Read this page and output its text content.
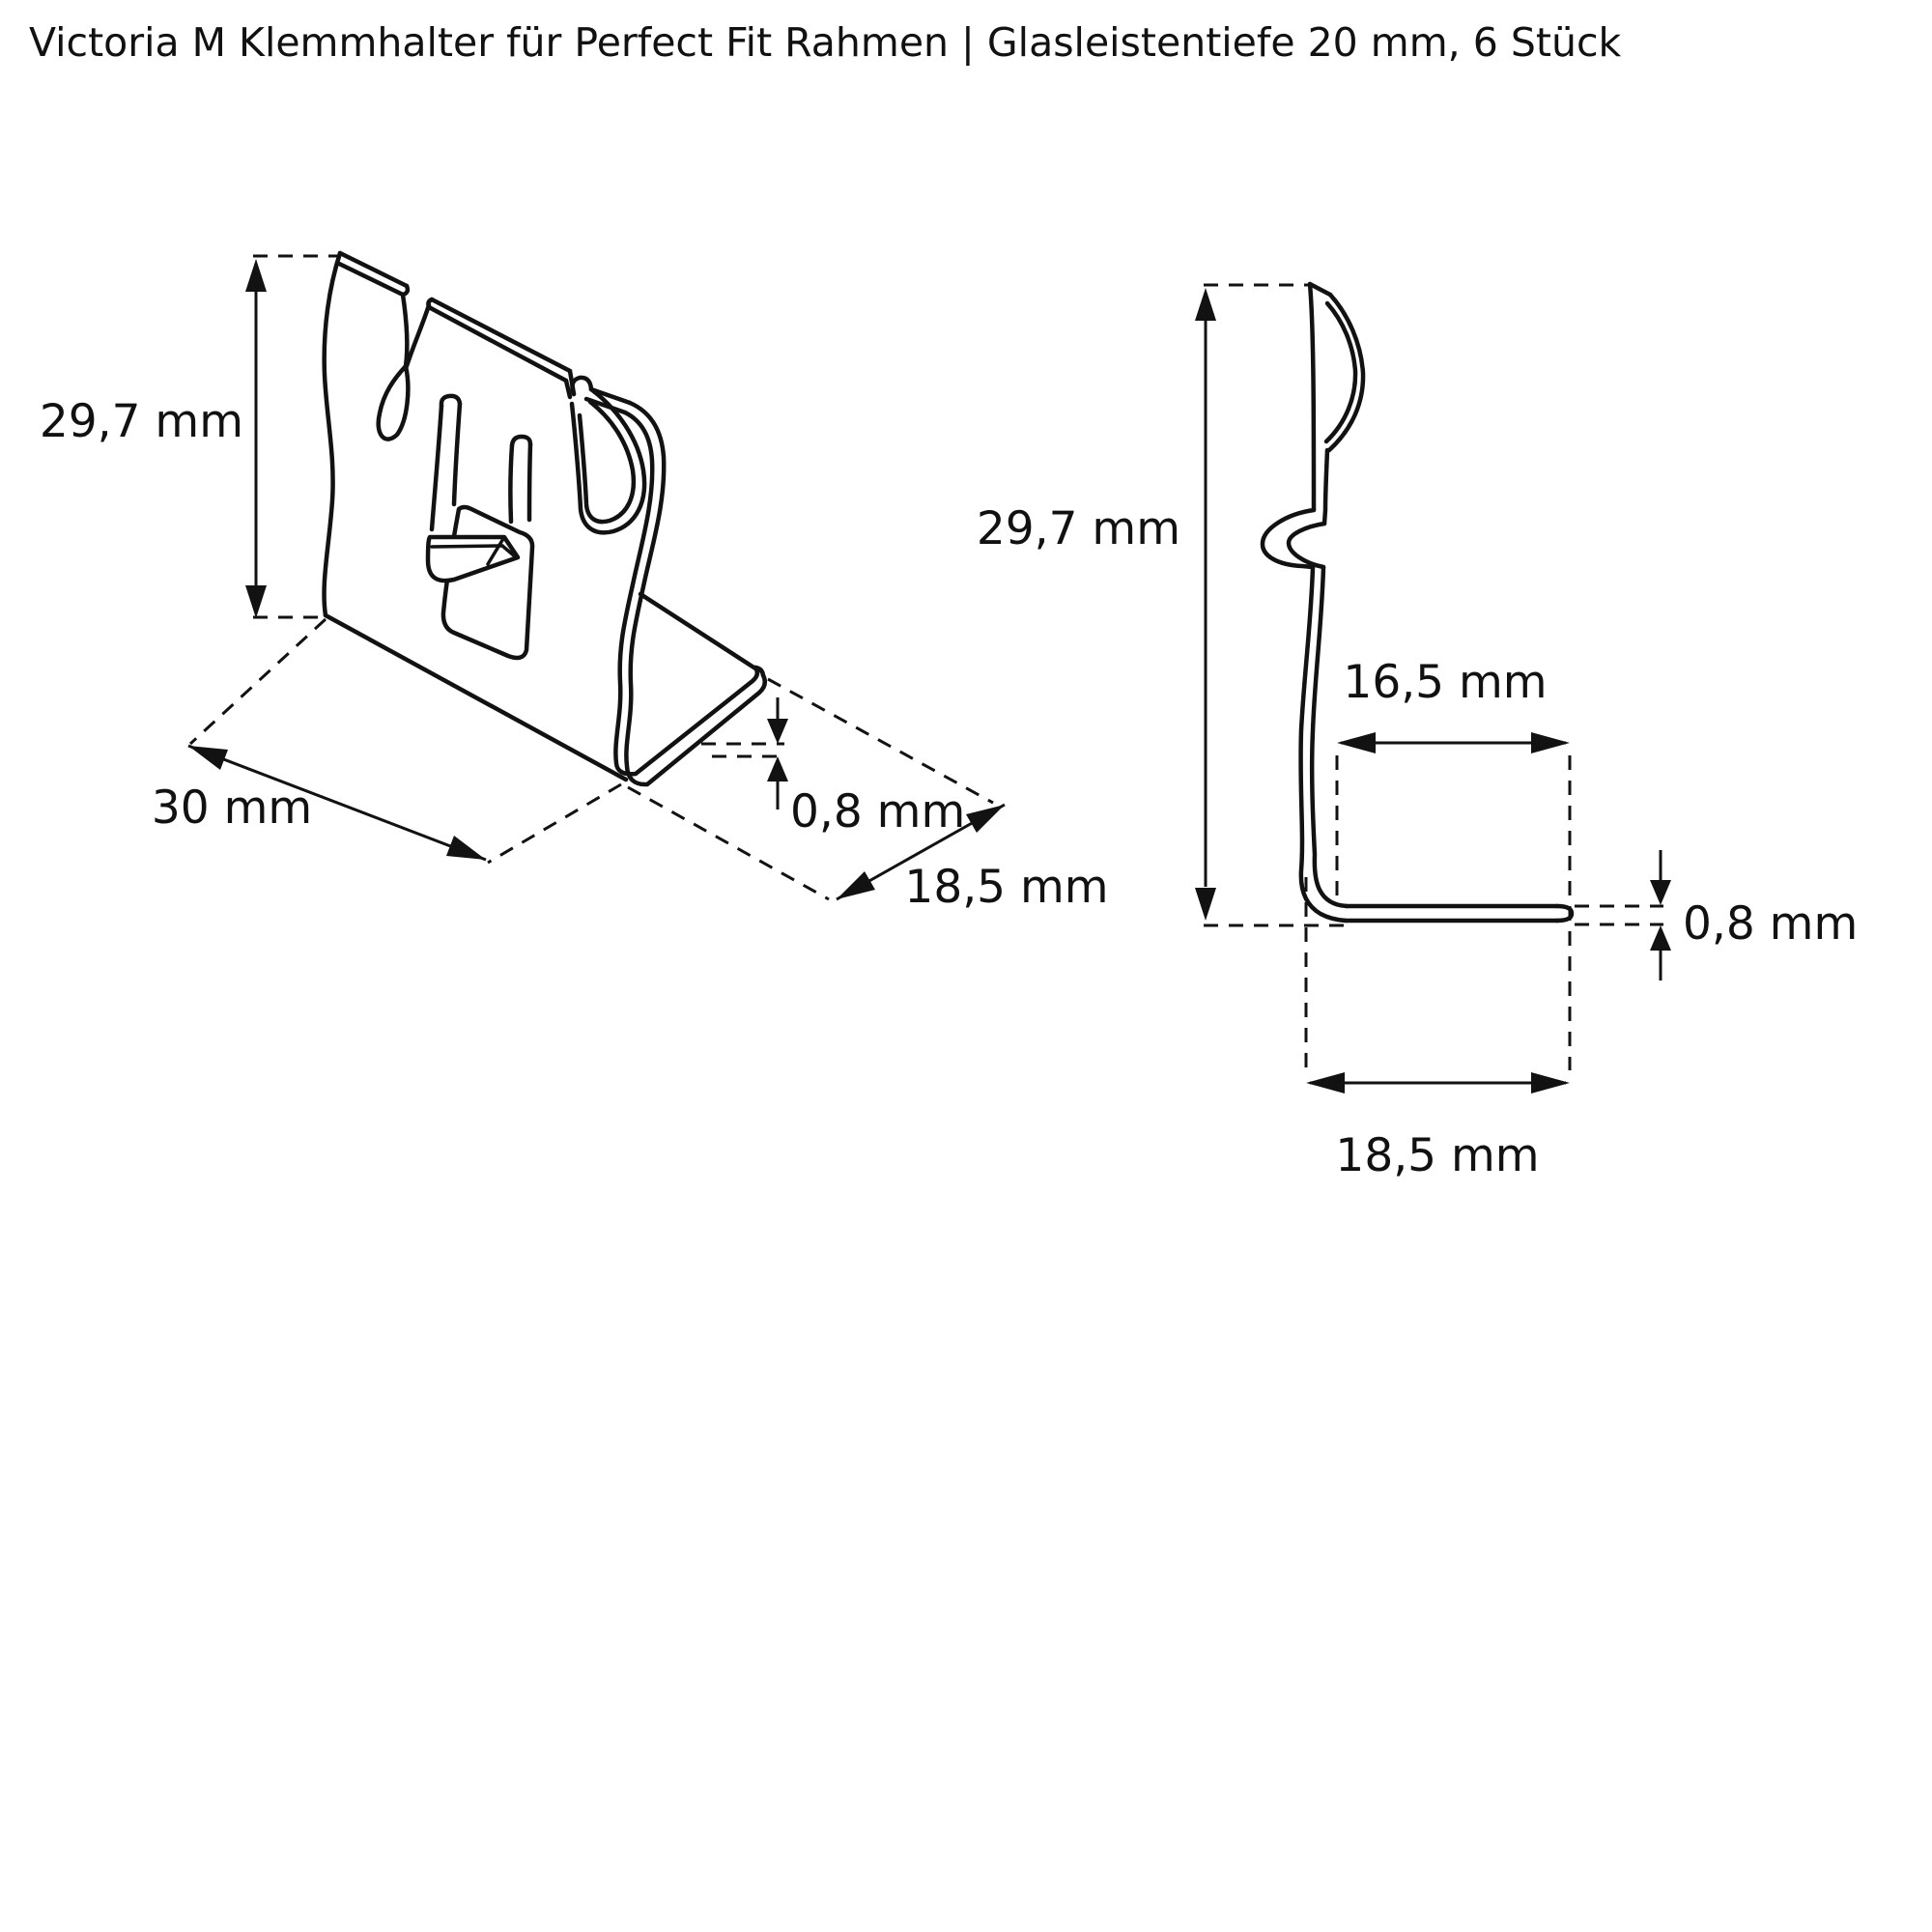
Victoria M Klemmhalter für Perfect Fit Rahmen | Glasleistentiefe 20 mm, 6 Stück
29,7 mm
30 mm	0,8 mm
18,5 mm
29,7 mm
16,5 mm
0,8 mm
18,5 mm
